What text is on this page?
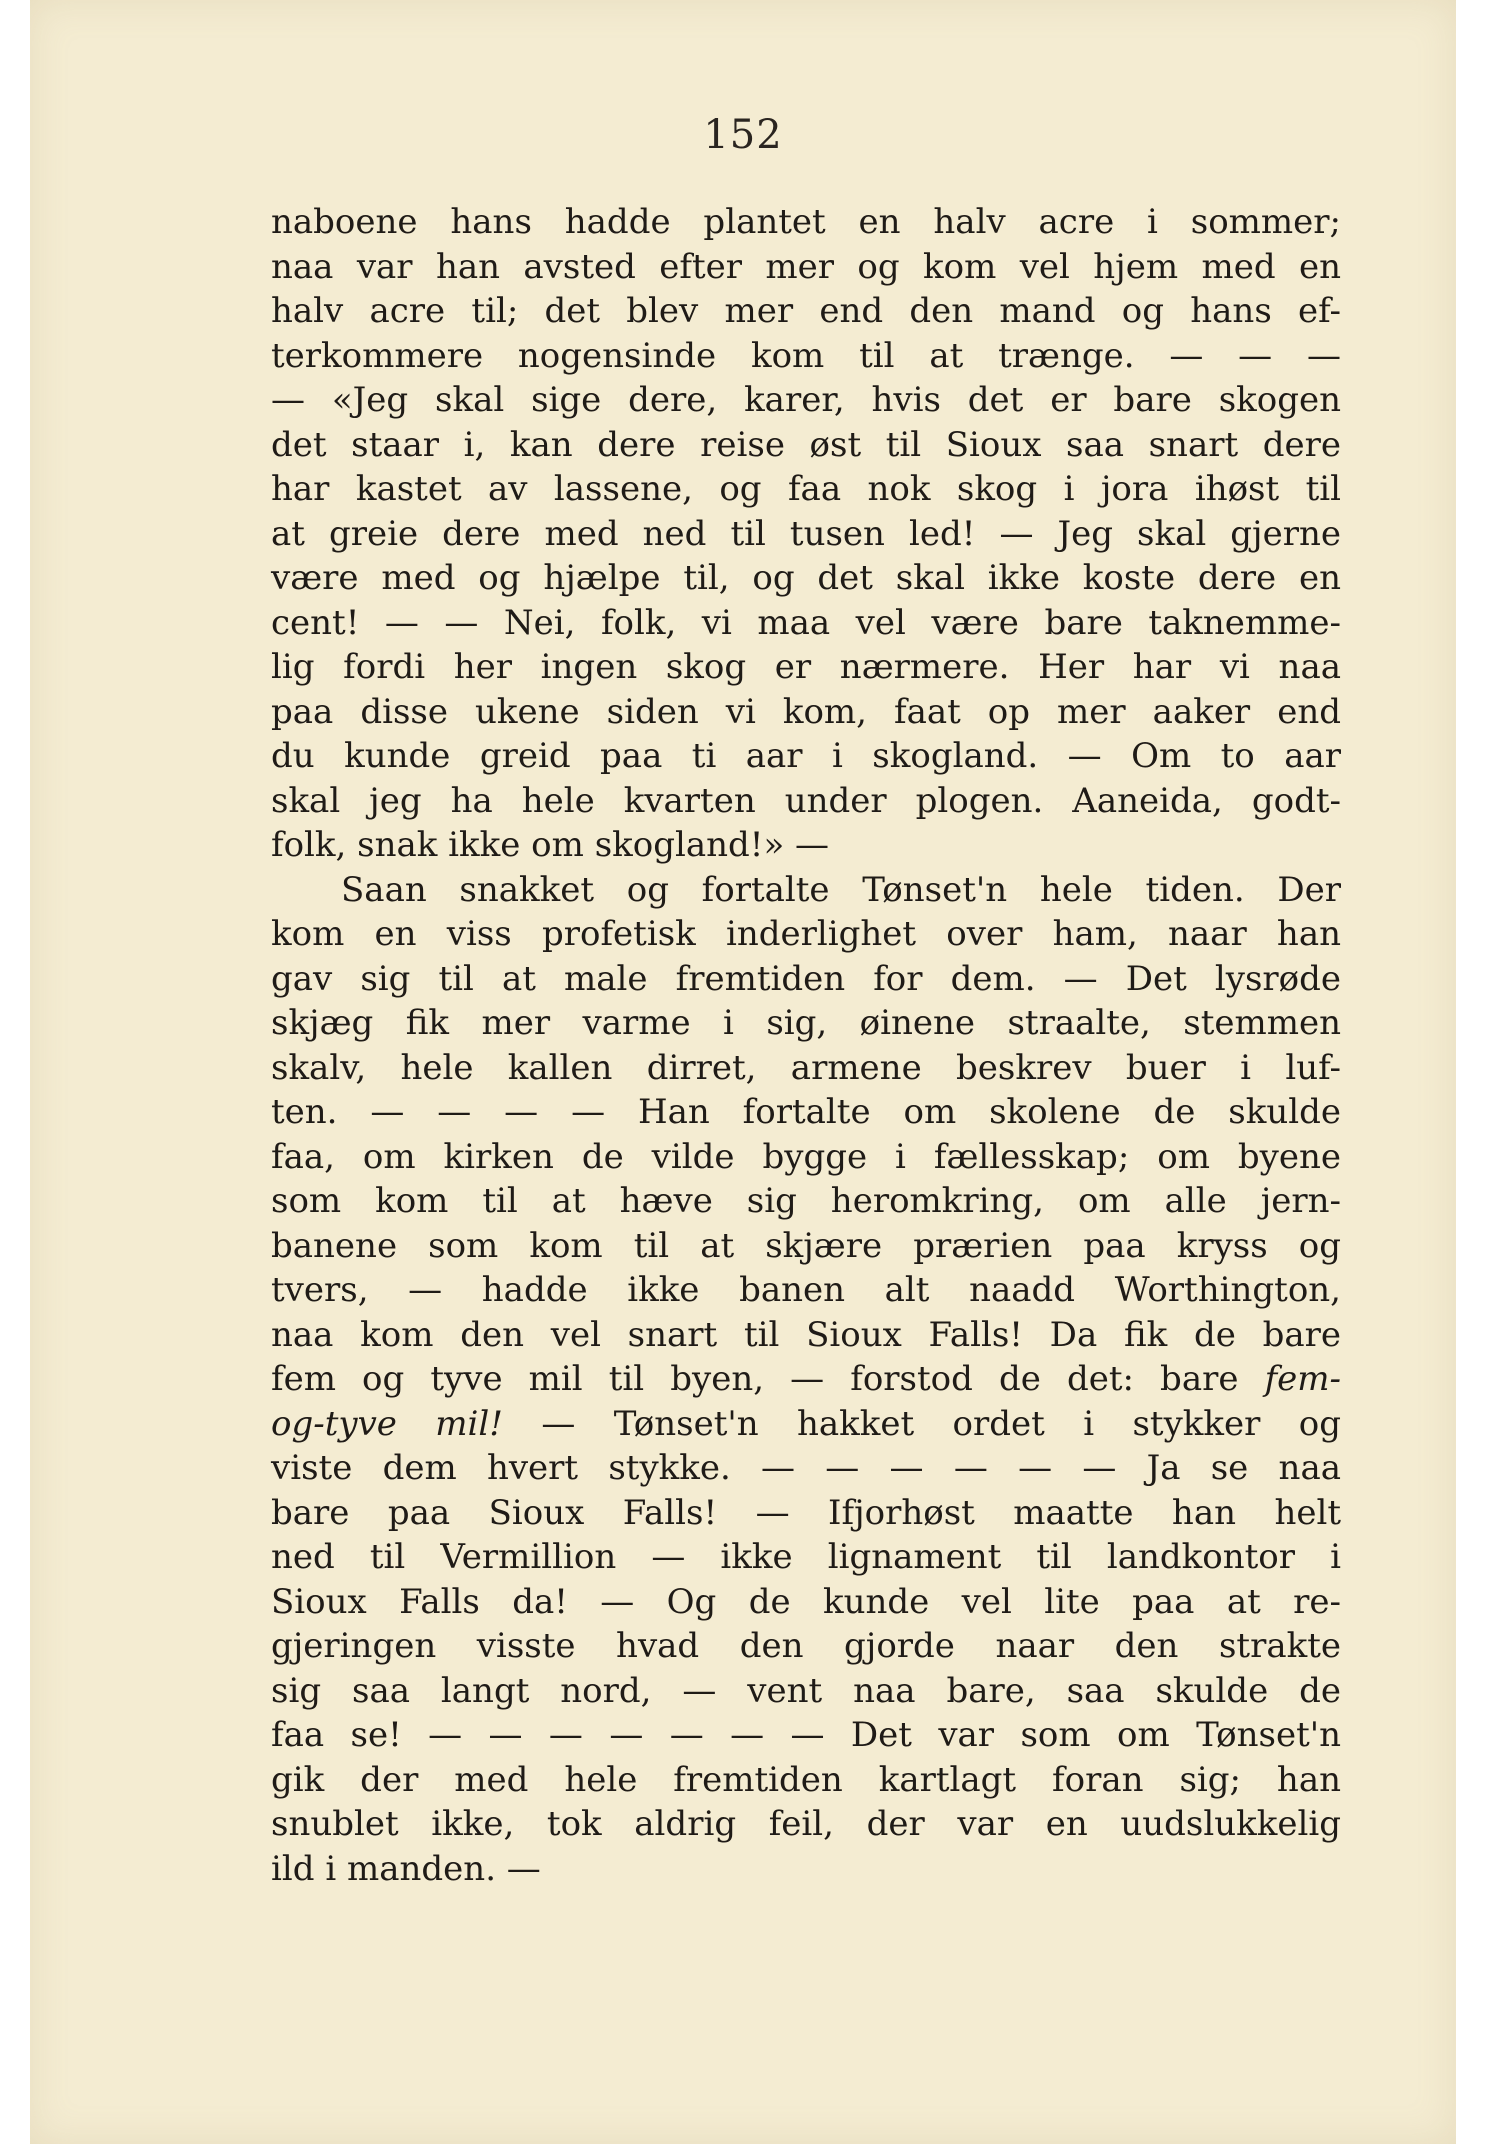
152
naboene hans hadde plantet en halv acre i sommer;
naa var han avsted efter mer og kom vel hjem med en
halv acre til; det blev mer end den mand og hans ef-
terkommere nogensinde kom til at trænge. — — —
— «Jeg skal sige dere, karer, hvis det er bare skogen
det staar i, kan dere reise øst til Sioux saa snart dere
har kastet av lassene, og faa nok skog i jora ihøst til
at greie dere med ned til tusen led! — Jeg skal gjerne
være med og hjælpe til, og det skal ikke koste dere en
cent! — — Nei, folk, vi maa vel være bare taknemme-
lig fordi her ingen skog er nærmere. Her har vi naa
paa disse ukene siden vi kom, faat op mer aaker end
du kunde greid paa ti aar i skogland. — Om to aar
skal jeg ha hele kvarten under plogen. Aaneida, godt-
folk, snak ikke om skogland!» —
Saan snakket og fortalte Tønset'n hele tiden. Der
kom en viss profetisk inderlighet over ham, naar han
gav sig til at male fremtiden for dem. — Det lysrøde
skjæg fik mer varme i sig, øinene straalte, stemmen
skalv, hele kallen dirret, armene beskrev buer i luf-
ten. — — — — Han fortalte om skolene de skulde
faa, om kirken de vilde bygge i fællesskap; om byene
som kom til at hæve sig heromkring, om alle jern-
banene som kom til at skjære prærien paa kryss og
tvers, — hadde ikke banen alt naadd Worthington,
naa kom den vel snart til Sioux Falls! Da fik de bare
fem og tyve mil til byen, — forstod de det: bare fem-
og-tyve mil! — Tønset'n hakket ordet i stykker og
viste dem hvert stykke. — — — — — — Ja se naa
bare paa Sioux Falls! — Ifjorhøst maatte han helt
ned til Vermillion — ikke lignament til landkontor i
Sioux Falls da! — Og de kunde vel lite paa at re-
gjeringen visste hvad den gjorde naar den strakte
sig saa langt nord, — vent naa bare, saa skulde de
faa se! — — — — — — — Det var som om Tønset'n
gik der med hele fremtiden kartlagt foran sig; han
snublet ikke, tok aldrig feil, der var en uudslukkelig
ild i manden. —
